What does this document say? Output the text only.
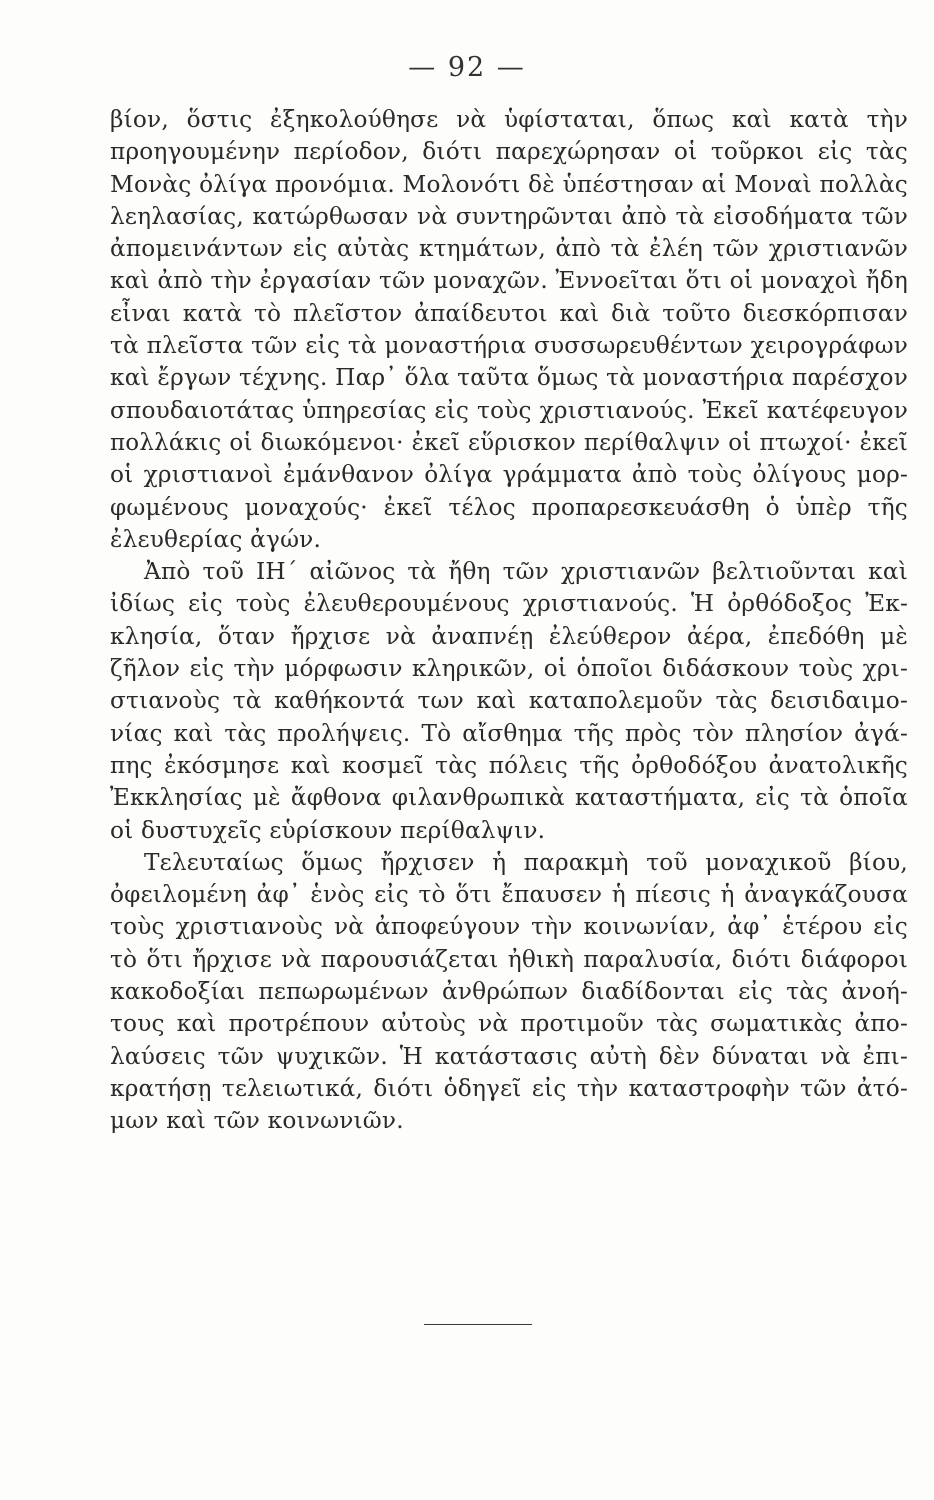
— 92 —

βίον, ὅστις ἐξηκολούθησε νὰ ὑφίσταται, ὅπως καὶ κατὰ τὴν
προηγουμένην περίοδον, διότι παρεχώρησαν οἱ τοῦρκοι εἰς τὰς
Μονὰς ὀλίγα προνόμια. Μολονότι δὲ ὑπέστησαν αἱ Μοναὶ πολλὰς
λεηλασίας, κατώρθωσαν νὰ συντηρῶνται ἀπὸ τὰ εἰσοδήματα τῶν
ἀπομεινάντων εἰς αὐτὰς κτημάτων, ἀπὸ τὰ ἐλέη τῶν χριστιανῶν
καὶ ἀπὸ τὴν ἐργασίαν τῶν μοναχῶν. Ἐννοεῖται ὅτι οἱ μοναχοὶ ἤδη
εἶναι κατὰ τὸ πλεῖστον ἀπαίδευτοι καὶ διὰ τοῦτο διεσκόρπισαν
τὰ πλεῖστα τῶν εἰς τὰ μοναστήρια συσσωρευθέντων χειρογράφων
καὶ ἔργων τέχνης. Παρ᾽ ὅλα ταῦτα ὅμως τὰ μοναστήρια παρέσχον
σπουδαιοτάτας ὑπηρεσίας εἰς τοὺς χριστιανούς. Ἐκεῖ κατέφευγον
πολλάκις οἱ διωκόμενοι· ἐκεῖ εὕρισκον περίθαλψιν οἱ πτωχοί· ἐκεῖ
οἱ χριστιανοὶ ἐμάνθανον ὀλίγα γράμματα ἀπὸ τοὺς ὀλίγους μορ-
φωμένους μοναχούς· ἐκεῖ τέλος προπαρεσκευάσθη ὁ ὑπὲρ τῆς
ἐλευθερίας ἀγών.

Ἀπὸ τοῦ ΙΗ΄ αἰῶνος τὰ ἤθη τῶν χριστιανῶν βελτιοῦνται καὶ
ἰδίως εἰς τοὺς ἐλευθερουμένους χριστιανούς. Ἡ ὀρθόδοξος Ἐκ-
κλησία, ὅταν ἤρχισε νὰ ἀναπνέῃ ἐλεύθερον ἀέρα, ἐπεδόθη μὲ
ζῆλον εἰς τὴν μόρφωσιν κληρικῶν, οἱ ὁποῖοι διδάσκουν τοὺς χρι-
στιανοὺς τὰ καθήκοντά των καὶ καταπολεμοῦν τὰς δεισιδαιμο-
νίας καὶ τὰς προλήψεις. Τὸ αἴσθημα τῆς πρὸς τὸν πλησίον ἀγά-
πης ἐκόσμησε καὶ κοσμεῖ τὰς πόλεις τῆς ὀρθοδόξου ἀνατολικῆς
Ἐκκλησίας μὲ ἄφθονα φιλανθρωπικὰ καταστήματα, εἰς τὰ ὁποῖα
οἱ δυστυχεῖς εὑρίσκουν περίθαλψιν.

Τελευταίως ὅμως ἤρχισεν ἡ παρακμὴ τοῦ μοναχικοῦ βίου,
ὀφειλομένη ἀφ᾽ ἑνὸς εἰς τὸ ὅτι ἔπαυσεν ἡ πίεσις ἡ ἀναγκάζουσα
τοὺς χριστιανοὺς νὰ ἀποφεύγουν τὴν κοινωνίαν, ἀφ᾽ ἑτέρου εἰς
τὸ ὅτι ἤρχισε νὰ παρουσιάζεται ἠθικὴ παραλυσία, διότι διάφοροι
κακοδοξίαι πεπωρωμένων ἀνθρώπων διαδίδονται εἰς τὰς ἀνοή-
τους καὶ προτρέπουν αὐτοὺς νὰ προτιμοῦν τὰς σωματικὰς ἀπο-
λαύσεις τῶν ψυχικῶν. Ἡ κατάστασις αὐτὴ δὲν δύναται νὰ ἐπι-
κρατήσῃ τελειωτικά, διότι ὁδηγεῖ εἰς τὴν καταστροφὴν τῶν ἀτό-
μων καὶ τῶν κοινωνιῶν.
